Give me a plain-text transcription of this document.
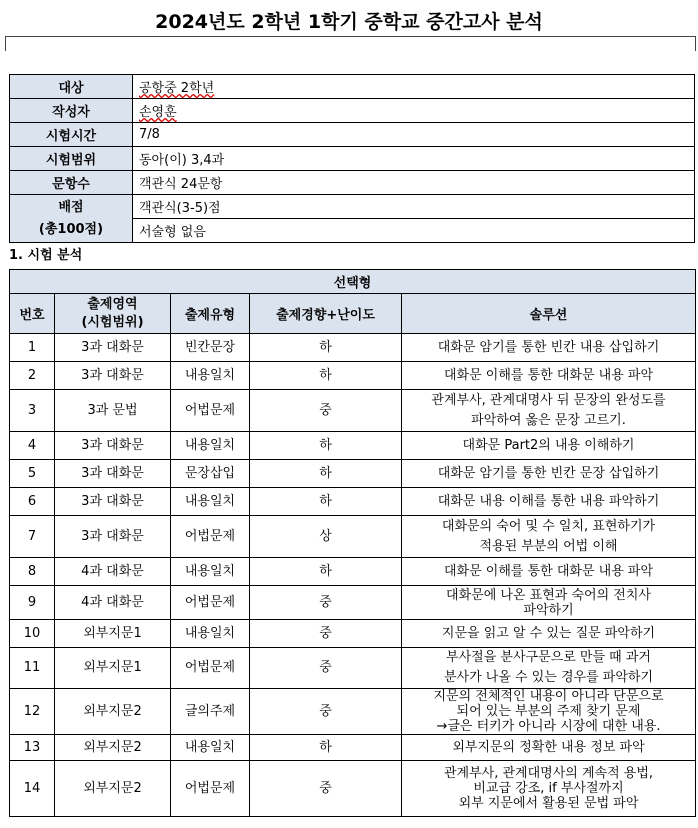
2024년도 2학년 1학기 중학교 중간고사 분석
대상	공항중 2학년
작성자	손영훈
시험시간	7/8
시험범위	동아(이) 3,4과
문항수	객관식 24문항

배점
(총100점)	객관식(3-5)점
	서술형 없음
1. 시험 분석
선택형				
번호	출제영역
(시험범위)	출제유형	출제경향+난이도	솔루션
1	3과 대화문	빈칸문장	하	대화문 암기를 통한 빈칸 내용 삽입하기

2	3과 대화문	내용일치	하	대화문 이해를 통한 대화문 내용 파악

3	3과 문법	어법문제	중	관계부사, 관계대명사 뒤 문장의 완성도를
파악하여 옳은 문장 고르기.

4	3과 대화문	내용일치	하	대화문 Part2의 내용 이해하기

5	3과 대화문	문장삽입	하	대화문 암기를 통한 빈칸 문장 삽입하기

6	3과 대화문	내용일치	하	대화문 내용 이해를 통한 내용 파악하기

7	3과 대화문	어법문제	상	대화문의 숙어 및 수 일치, 표현하기가
적용된 부분의 어법 이해

8	4과 대화문	내용일치	하	대화문 이해를 통한 대화문 내용 파악

9	4과 대화문	어법문제	중	대화문에 나온 표현과 숙어의 전치사
파악하기

10	외부지문1	내용일치	중	지문을 읽고 알 수 있는 질문 파악하기

11	외부지문1	어법문제	중	부사절을 분사구문으로 만들 때 과거
분사가 나올 수 있는 경우를 파악하기

12	외부지문2	글의주제	중	지문의 전체적인 내용이 아니라 단문으로
되어 있는 부분의 주제 찾기 문제
→글은 터키가 아니라 시장에 대한 내용.

13	외부지문2	내용일치	하	외부지문의 정확한 내용 정보 파악

14	외부지문2	어법문제	중	관계부사, 관계대명사의 계속적 용법,
비교급 강조, if 부사절까지
외부 지문에서 활용된 문법 파악
